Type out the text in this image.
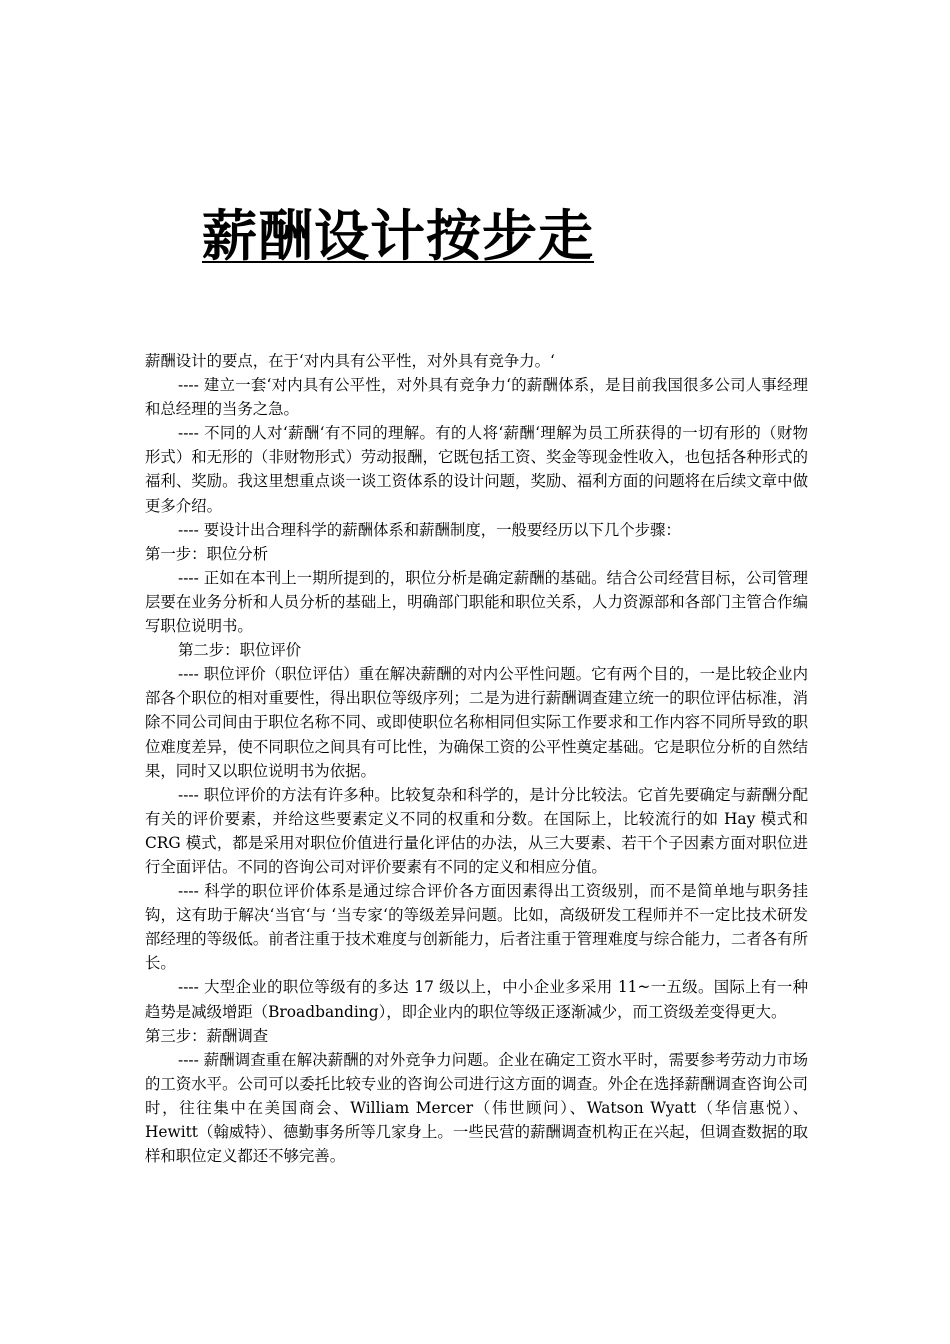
薪酬设计按步走

薪酬设计的要点，在于‘对内具有公平性，对外具有竞争力。‘

---- 建立一套‘对内具有公平性，对外具有竞争力‘的薪酬体系，是目前我国很多公司人事经理和总经理的当务之急。

---- 不同的人对‘薪酬‘有不同的理解。有的人将‘薪酬‘理解为员工所获得的一切有形的（财物形式）和无形的（非财物形式）劳动报酬，它既包括工资、奖金等现金性收入，也包括各种形式的福利、奖励。我这里想重点谈一谈工资体系的设计问题，奖励、福利方面的问题将在后续文章中做更多介绍。

---- 要设计出合理科学的薪酬体系和薪酬制度，一般要经历以下几个步骤：

第一步：职位分析

---- 正如在本刊上一期所提到的，职位分析是确定薪酬的基础。结合公司经营目标，公司管理层要在业务分析和人员分析的基础上，明确部门职能和职位关系，人力资源部和各部门主管合作编写职位说明书。

第二步：职位评价

---- 职位评价（职位评估）重在解决薪酬的对内公平性问题。它有两个目的，一是比较企业内部各个职位的相对重要性，得出职位等级序列；二是为进行薪酬调查建立统一的职位评估标准，消除不同公司间由于职位名称不同、或即使职位名称相同但实际工作要求和工作内容不同所导致的职位难度差异，使不同职位之间具有可比性，为确保工资的公平性奠定基础。它是职位分析的自然结果，同时又以职位说明书为依据。

---- 职位评价的方法有许多种。比较复杂和科学的，是计分比较法。它首先要确定与薪酬分配有关的评价要素，并给这些要素定义不同的权重和分数。在国际上，比较流行的如 Hay 模式和 CRG 模式，都是采用对职位价值进行量化评估的办法，从三大要素、若干个子因素方面对职位进行全面评估。不同的咨询公司对评价要素有不同的定义和相应分值。

---- 科学的职位评价体系是通过综合评价各方面因素得出工资级别，而不是简单地与职务挂钩，这有助于解决‘当官‘与 ‘当专家‘的等级差异问题。比如，高级研发工程师并不一定比技术研发部经理的等级低。前者注重于技术难度与创新能力，后者注重于管理难度与综合能力，二者各有所长。

---- 大型企业的职位等级有的多达 17 级以上，中小企业多采用 11~一五级。国际上有一种趋势是减级增距（Broadbanding），即企业内的职位等级正逐渐减少，而工资级差变得更大。

第三步：薪酬调查

---- 薪酬调查重在解决薪酬的对外竞争力问题。企业在确定工资水平时，需要参考劳动力市场的工资水平。公司可以委托比较专业的咨询公司进行这方面的调查。外企在选择薪酬调查咨询公司时，往往集中在美国商会、William Mercer（伟世顾问）、Watson Wyatt（华信惠悦）、Hewitt（翰威特）、德勤事务所等几家身上。一些民营的薪酬调查机构正在兴起，但调查数据的取样和职位定义都还不够完善。
